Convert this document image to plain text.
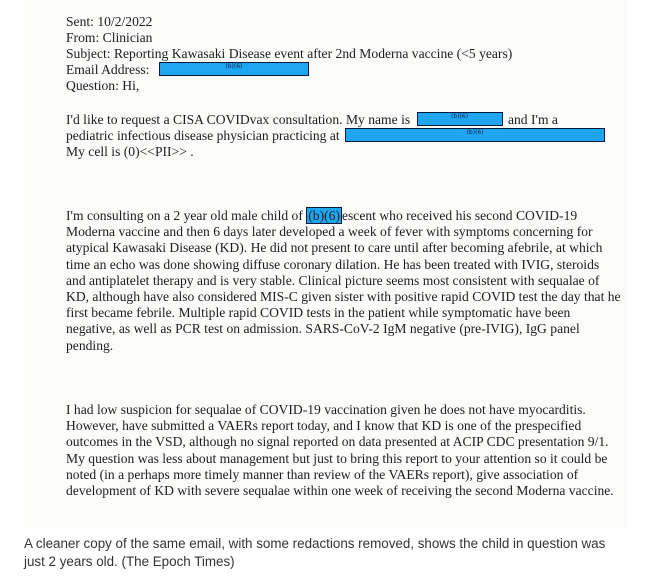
Sent: 10/2/2022
From: Clinician
Subject: Reporting Kawasaki Disease event after 2nd Moderna vaccine (<5 years)
Email Address:	(b)(6)
Question: Hi,
I'd like to request a CISA COVIDvax consultation. My name is	(b)(6)	and I'm a
pediatric infectious disease physician practicing at	(b)(6)
My cell is (0)<<PII>> .

I'm consulting on a 2 year old male child of (b)(6) escent who received his second COVID-19 Moderna vaccine and then 6 days later developed a week of fever with symptoms concerning for atypical Kawasaki Disease (KD). He did not present to care until after becoming afebrile, at which time an echo was done showing diffuse coronary dilation. He has been treated with IVIG, steroids and antiplatelet therapy and is very stable. Clinical picture seems most consistent with sequalae of KD, although have also considered MIS-C given sister with positive rapid COVID test the day that he first became febrile. Multiple rapid COVID tests in the patient while symptomatic have been negative, as well as PCR test on admission. SARS-CoV-2 IgM negative (pre-IVIG), IgG panel pending.

I had low suspicion for sequalae of COVID-19 vaccination given he does not have myocarditis. However, have submitted a VAERs report today, and I know that KD is one of the prespecified outcomes in the VSD, although no signal reported on data presented at ACIP CDC presentation 9/1. My question was less about management but just to bring this report to your attention so it could be noted (in a perhaps more timely manner than review of the VAERs report), give association of development of KD with severe sequalae within one week of receiving the second Moderna vaccine.

A cleaner copy of the same email, with some redactions removed, shows the child in question was just 2 years old. (The Epoch Times)
